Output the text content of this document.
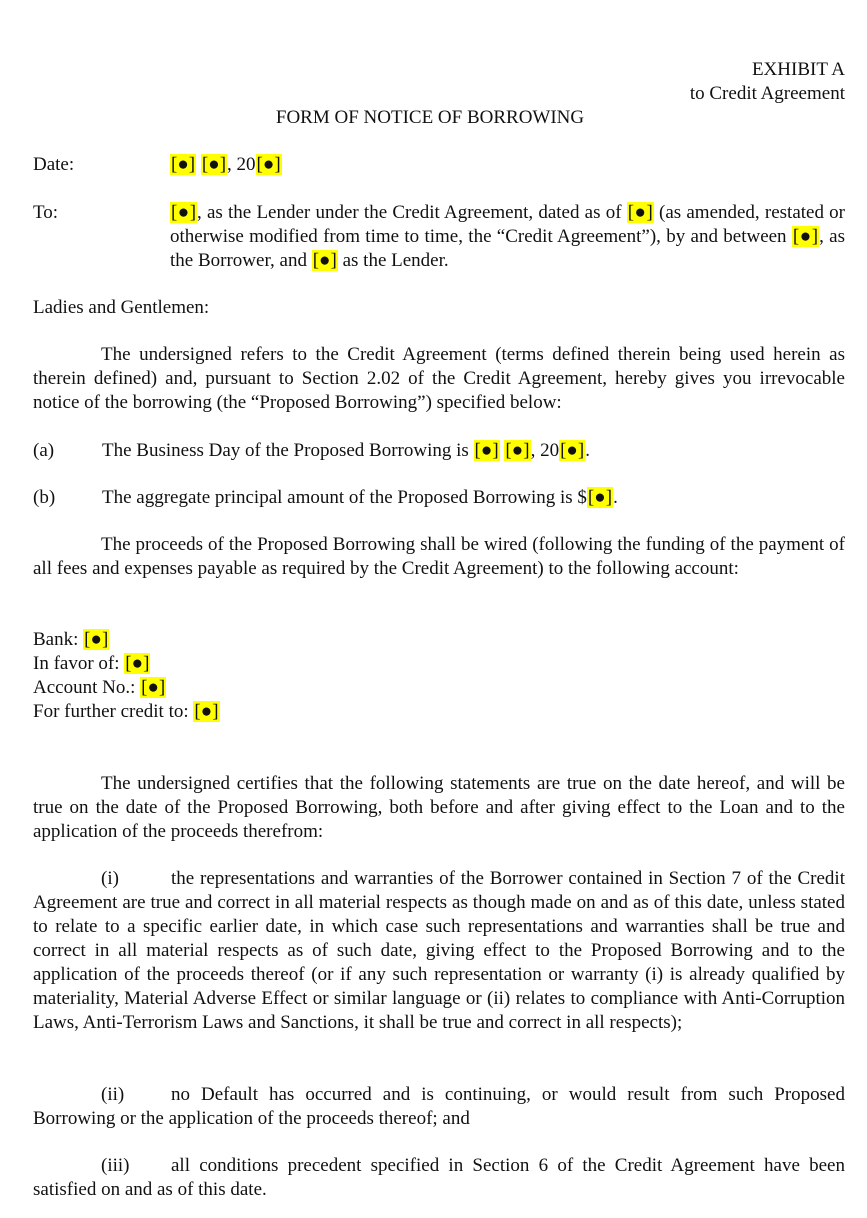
EXHIBIT A
to Credit Agreement
FORM OF NOTICE OF BORROWING
Date:	[●] [●], 20[●]
To:	[●], as the Lender under the Credit Agreement, dated as of [●] (as amended, restated or otherwise modified from time to time, the “Credit Agreement”), by and between [●], as the Borrower, and [●] as the Lender.
Ladies and Gentlemen:

The undersigned refers to the Credit Agreement (terms defined therein being used herein as therein defined) and, pursuant to Section 2.02 of the Credit Agreement, hereby gives you irrevocable notice of the borrowing (the “Proposed Borrowing”) specified below:

(a)	The Business Day of the Proposed Borrowing is [●] [●], 20[●].
(b)	The aggregate principal amount of the Proposed Borrowing is $[●].

The proceeds of the Proposed Borrowing shall be wired (following the funding of the payment of all fees and expenses payable as required by the Credit Agreement) to the following account:

Bank: [●]
In favor of: [●]
Account No.: [●]
For further credit to: [●]

The undersigned certifies that the following statements are true on the date hereof, and will be true on the date of the Proposed Borrowing, both before and after giving effect to the Loan and to the application of the proceeds therefrom:

(i)	the representations and warranties of the Borrower contained in Section 7 of the Credit Agreement are true and correct in all material respects as though made on and as of this date, unless stated to relate to a specific earlier date, in which case such representations and warranties shall be true and correct in all material respects as of such date, giving effect to the Proposed Borrowing and to the application of the proceeds thereof (or if any such representation or warranty (i) is already qualified by materiality, Material Adverse Effect or similar language or (ii) relates to compliance with Anti-Corruption Laws, Anti-Terrorism Laws and Sanctions, it shall be true and correct in all respects);

(ii) no Default has occurred and is continuing, or would result from such Proposed Borrowing or the application of the proceeds thereof; and

(iii) all conditions precedent specified in Section 6 of the Credit Agreement have been satisfied on and as of this date.
